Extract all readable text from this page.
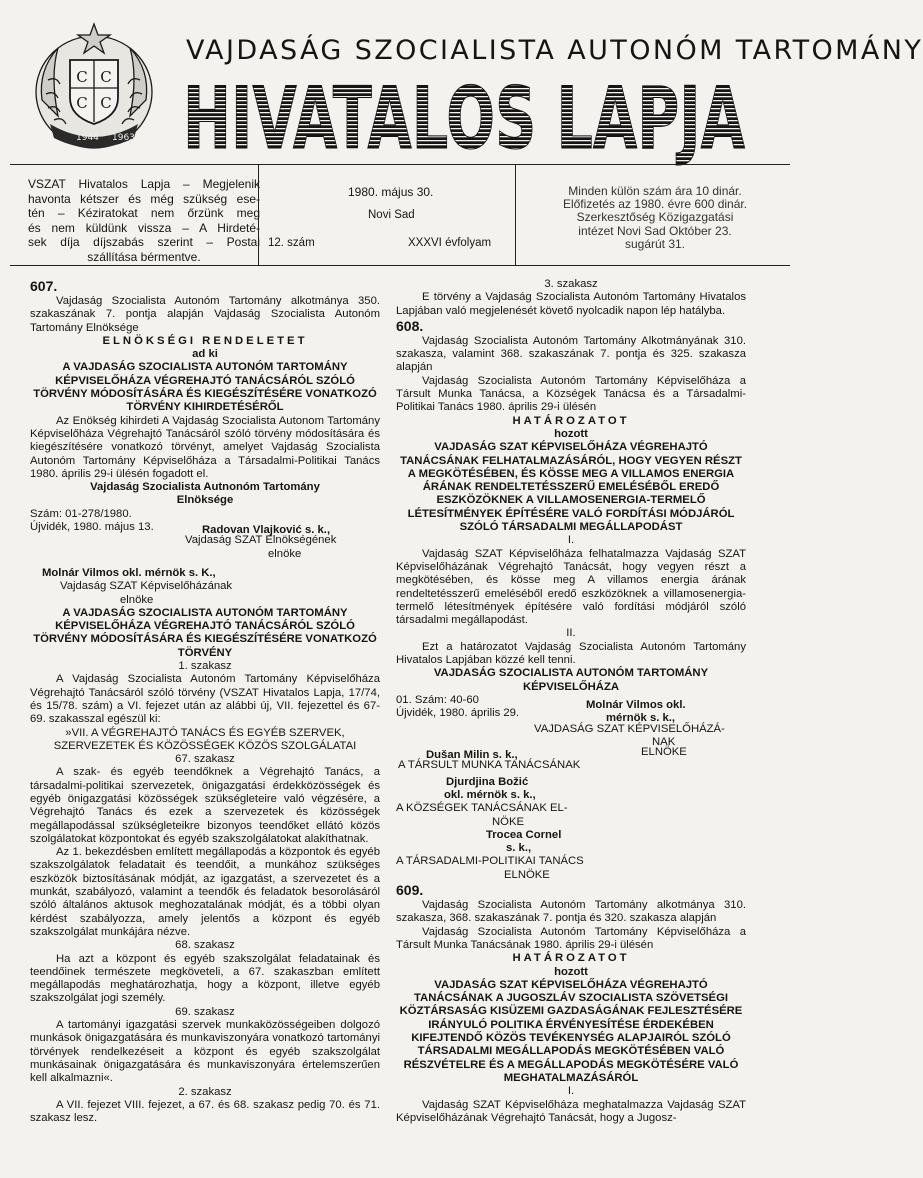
C C
C C
1944 1963
VAJDASÁG SZOCIALISTA AUTONÓM TARTOMÁNY
HIVATALOS LAPJA
VSZAT Hivatalos Lapja – Megjelenik
havonta kétszer és még szükség ese-
tén – Kéziratokat nem őrzünk meg
és nem küldünk vissza – A Hirdeté-
sek díja díjszabás szerint – Postai
szállítása bérmentve.
1980. május 30.
Novi Sad
12. szám	XXXVI évfolyam
Minden külön szám ára 10 dinár.
Előfizetés az 1980. évre 600 dinár.
Szerkesztőség Közigazgatási
intézet Novi Sad Október 23.
sugárút 31.

607.

Vajdaság Szocialista Autonóm Tartomány alkotmánya 350. szakaszának 7. pontja alapján Vajdaság Szocialista Autonóm Tartomány Elnöksége

ELNÖKSÉGI RENDELETET

ad ki

A VAJDASÁG SZOCIALISTA AUTONÓM TARTOMÁNY KÉPVISELŐHÁZA VÉGREHAJTÓ TANÁCSÁRÓL SZÓLÓ TÖRVÉNY MÓDOSÍTÁSÁRA ÉS KIEGÉSZÍTÉSÉRE VONATKOZÓ TÖRVÉNY KIHIRDETÉSÉRŐL

Az Enökség kihirdeti A Vajdaság Szocialista Autonom Tartomány Képviselőháza Végrehajtó Tanácsáról szóló törvény módosítására és kiegészítésére vonatkozó törvényt, amelyet Vajdaság Szocialista Autonóm Tartomány Képviselőháza a Társadalmi-Politikai Tanács 1980. április 29-i ülésén fogadott el.

Vajdaság Szocialista Autnonóm Tartomány

Elnöksége

Szám: 01-278/1980.

Újvidék, 1980. május 13.	Radovan Vlajković s. k.,

Vajdaság SZAT Elnökségének

elnöke

Molnár Vilmos okl. mérnök s. K.,

Vajdaság SZAT Képviselőházának

elnöke

A VAJDASÁG SZOCIALISTA AUTONÓM TARTOMÁNY KÉPVISELŐHÁZA VÉGREHAJTÓ TANÁCSÁRÓL SZÓLÓ TÖRVÉNY MÓDOSÍTÁSÁRA ÉS KIEGÉSZÍTÉSÉRE VONATKOZÓ TÖRVÉNY

1. szakasz

A Vajdaság Szocialista Autonóm Tartomány Képviselőháza Végrehajtó Tanácsáról szóló törvény (VSZAT Hivatalos Lapja, 17/74, és 15/78. szám) a VI. fejezet után az alábbi új, VII. fejezettel és 67-69. szakasszal egészül ki:

»VII. A VÉGREHAJTÓ TANÁCS ÉS EGYÉB SZERVEK,

SZERVEZETEK ÉS KÖZÖSSÉGEK KÖZÖS SZOLGÁLATAI

67. szakasz

A szak- és egyéb teendőknek a Végrehajtó Tanács, a társadalmi-politikai szervezetek, önigazgatási érdekközösségek és egyéb önigazgatási közösségek szükségleteire való végzésére, a Végrehajtó Tanács és ezek a szervezetek és közösségek megállapodással szükségleteikre bizonyos teendőket ellátó közös szolgálatokat központokat és egyéb szakszolgálatokat alakíthatnak.

Az 1. bekezdésben említett megállapodás a központok és egyéb szakszolgálatok feladatait és teendőit, a munkához szükséges eszközök biztosításának módját, az igazgatást, a szervezetet és a munkát, szabályozó, valamint a teendők és feladatok besorolásáról szóló általános aktusok meghozatalának módját, és a többi olyan kérdést szabályozza, amely jelentős a központ és egyéb szakszolgálat munkájára nézve.

68. szakasz

Ha azt a központ és egyéb szakszolgálat feladatainak és teendőinek természete megköveteli, a 67. szakaszban említett megállapodás meghatározhatja, hogy a központ, illetve egyéb szakszolgálat jogi személy.

69. szakasz

A tartományi igazgatási szervek munkaközösségeiben dolgozó munkások önigazgatására és munkaviszonyára vonatkozó tartományi törvények rendelkezéseit a központ és egyéb szakszolgálat munkásainak önigazgatására és munkaviszonyára értelemszerűen kell alkalmazni«.

2. szakasz

A VII. fejezet VIII. fejezet, a 67. és 68. szakasz pedig 70. és 71. szakasz lesz.

3. szakasz

E törvény a Vajdaság Szocialista Autonóm Tartomány Hivatalos Lapjában való megjelenését követő nyolcadik napon lép hatályba.

608.

Vajdaság Szocialista Autonóm Tartomány Alkotmányának 310. szakasza, valamint 368. szakaszának 7. pontja és 325. szakasza alapján

Vajdaság Szocialista Autonóm Tartomány Képviselőháza a Társult Munka Tanácsa, a Községek Tanácsa és a Társadalmi-Politikai Tanács 1980. április 29-i ülésén

HATÁROZATOT

hozott

VAJDASÁG SZAT KÉPVISELŐHÁZA VÉGREHAJTÓ TANÁCSÁNAK FELHATALMAZÁSÁRÓL, HOGY VEGYEN RÉSZT A MEGKÖTÉSÉBEN, ÉS KÖSSE MEG A VILLAMOS ENERGIA ÁRÁNAK RENDELTETÉSSZERŰ EMELÉSÉBŐL EREDŐ ESZKÖZÖKNEK A VILLAMOSENERGIA-TERMELŐ LÉTESÍTMÉNYEK ÉPÍTÉSÉRE VALÓ FORDÍTÁSI MÓDJÁRÓL SZÓLÓ TÁRSADALMI MEGÁLLAPODÁST

I.

Vajdaság SZAT Képviselőháza felhatalmazza Vajdaság SZAT Képviselőházának Végrehajtó Tanácsát, hogy vegyen részt a megkötésében, és kösse meg A villamos energia árának rendeltetésszerű emeléséből eredő eszközöknek a villamosenergia-termelő létesítmények építésére való fordítási módjáról szóló társadalmi megállapodást.

II.

Ezt a határozatot Vajdaság Szocialista Autonóm Tartomány Hivatalos Lapjában közzé kell tenni.

VAJDASÁG SZOCIALISTA AUTONÓM TARTOMÁNY

KÉPVISELŐHÁZA

01. Szám: 40-60

Újvidék, 1980. április 29.
Molnár Vilmos okl.
mérnök s. k.,

VAJDASÁG SZAT KÉPVISELŐHÁZÁ-

NAK

Dušan Milin s. k.,
A TÁRSULT MUNKA TANÁCSÁNAK
ELNÖKE

Djurdjina Božić

okl. mérnök s. k.,

A KÖZSÉGEK TANÁCSÁNAK EL-

NÖKE

Trocea Cornel

s. k.,

A TÁRSADALMI-POLITIKAI TANÁCS

ELNÖKE

609.

Vajdaság Szocialista Autonóm Tartomány alkotmánya 310. szakasza, 368. szakaszának 7. pontja és 320. szakasza alapján

Vajdaság Szocialista Autonóm Tartomány Képviselőháza a Társult Munka Tanácsának 1980. április 29-i ülésén

HATÁROZATOT

hozott

VAJDASÁG SZAT KÉPVISELŐHÁZA VÉGREHAJTÓ TANÁCSÁNAK A JUGOSZLÁV SZOCIALISTA SZÖVETSÉGI KÖZTÁRSASÁG KISÜZEMI GAZDASÁGÁNAK FEJLESZTÉSÉRE IRÁNYULÓ POLITIKA ÉRVÉNYESÍTÉSE ÉRDEKÉBEN KIFEJTENDŐ KÖZÖS TEVÉKENYSÉG ALAPJAIRÓL SZÓLÓ TÁRSADALMI MEGÁLLAPODÁS MEGKÖTÉSÉBEN VALÓ RÉSZVÉTELRE ÉS A MEGÁLLAPODÁS MEGKÖTÉSÉRE VALÓ MEGHATALMAZÁSÁRÓL

I.

Vajdaság SZAT Képviselőháza meghatalmazza Vajdaság SZAT Képviselőházának Végrehajtó Tanácsát, hogy a Jugosz-
